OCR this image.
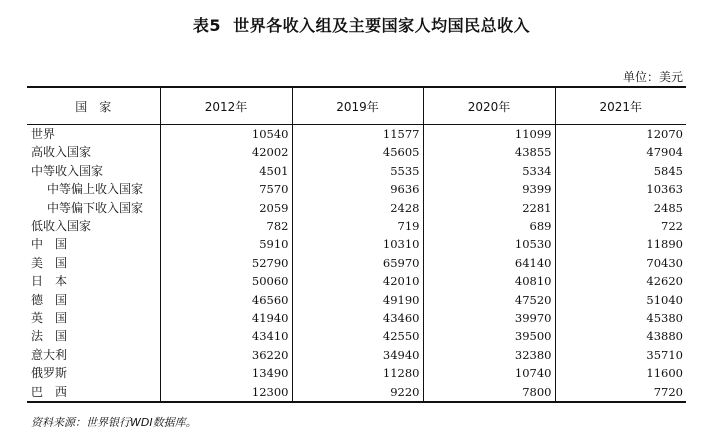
表5 世界各收入组及主要国家人均国民总收入
单位：美元
国　家	2012年	2019年	2020年	2021年
世界	10540	11577	11099	12070
高收入国家	42002	45605	43855	47904
中等收入国家	4501	5535	5334	5845
中等偏上收入国家	7570	9636	9399	10363
中等偏下收入国家	2059	2428	2281	2485
低收入国家	782	719	689	722
中　国	5910	10310	10530	11890
美　国	52790	65970	64140	70430
日　本	50060	42010	40810	42620
德　国	46560	49190	47520	51040
英　国	41940	43460	39970	45380
法　国	43410	42550	39500	43880
意大利	36220	34940	32380	35710
俄罗斯	13490	11280	10740	11600
巴　西	12300	9220	7800	7720
资料来源：世界银行WDI数据库。
